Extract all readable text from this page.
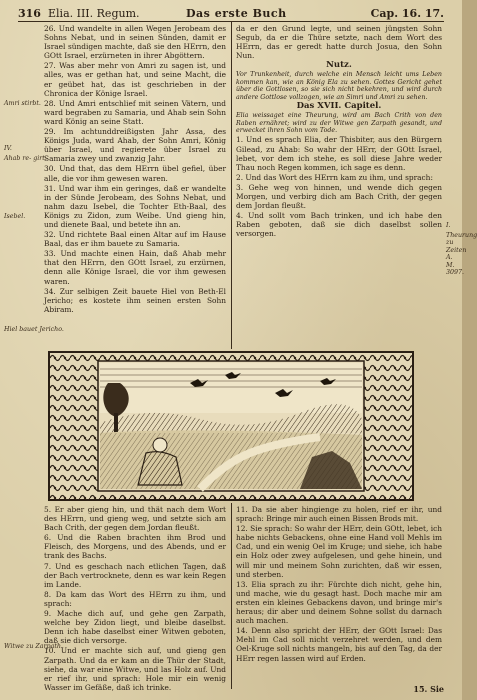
316 Elia. III. Regum.	Das erste Buch	Cap. 16. 17.
Amri stirbt.
IV.
Ahab re- girt.
Isebel.
Hiel bauet Jericho.
Witwe zu Zarpath.
I.
Theurung zu Zeiten A. M. 3097.

26. Und wandelte in allen Wegen Jerobeam des Sohns Nebat, und in seinen Sünden, damit er Israel sündigen machte, daß sie den HErrn, den GOtt Israel, erzürneten in ihrer Abgöttern.

27. Was aber mehr von Amri zu sagen ist, und alles, was er gethan hat, und seine Macht, die er geübet hat, das ist geschrieben in der Chronica der Könige Israel.

28. Und Amri entschlief mit seinen Vätern, und ward begraben zu Samaria, und Ahab sein Sohn ward König an seine Statt.

29. Im achtunddreißigsten Jahr Assa, des Königs Juda, ward Ahab, der Sohn Amri, König über Israel, und regierete über Israel zu Samaria zwey und zwanzig Jahr.

30. Und that, das dem HErrn übel gefiel, über alle, die vor ihm gewesen waren.

31. Und war ihm ein geringes, daß er wandelte in der Sünde Jerobeam, des Sohns Nebat, und nahm dazu Isebel, die Tochter Eth-Baal, des Königs zu Zidon, zum Weibe. Und gieng hin, und dienete Baal, und betete ihn an.

32. Und richtete Baal einen Altar auf im Hause Baal, das er ihm bauete zu Samaria.

33. Und machte einen Hain, daß Ahab mehr that den HErrn, den GOtt Israel, zu erzürnen, denn alle Könige Israel, die vor ihm gewesen waren.

34. Zur selbigen Zeit bauete Hiel von Beth-El Jericho; es kostete ihm seinen ersten Sohn Abiram.

da er den Grund legte, und seinen jüngsten Sohn Segub, da er die Thüre setzte, nach dem Wort des HErrn, das er geredt hatte durch Josua, den Sohn Nun.

Nutz.

Vor Trunkenheit, durch welche ein Mensch leicht ums Leben kommen kan, wie an König Ela zu sehen. Gottes Gericht gehet über die Gottlosen, so sie sich nicht bekehren, und wird durch andere Gottlose vollzogen, wie an Simri und Amri zu sehen.

Das XVII. Capitel.

Elia weissaget eine Theurung, wird am Bach Crith von den Raben ernähret; wird zu der Witwe gen Zarpath gesandt, und erwecket ihren Sohn vom Tode.

1. Und es sprach Elia, der Thisbiter, aus den Bürgern Gilead, zu Ahab: So wahr der HErr, der GOtt Israel, lebet, vor dem ich stehe, es soll diese Jahre weder Thau noch Regen kommen, ich sage es denn.

2. Und das Wort des HErrn kam zu ihm, und sprach:

3. Gehe weg von hinnen, und wende dich gegen Morgen, und verbirg dich am Bach Crith, der gegen dem Jordan fleußt.

4. Und sollt vom Bach trinken, und ich habe den Raben geboten, daß sie dich daselbst sollen versorgen.

5. Er aber gieng hin, und thät nach dem Wort des HErrn, und gieng weg, und setzte sich am Bach Crith, der gegen dem Jordan fleußt.

6. Und die Raben brachten ihm Brod und Fleisch, des Morgens, und des Abends, und er trank des Bachs.

7. Und es geschach nach etlichen Tagen, daß der Bach vertrocknete, denn es war kein Regen im Lande.

8. Da kam das Wort des HErrn zu ihm, und sprach:

9. Mache dich auf, und gehe gen Zarpath, welche bey Zidon liegt, und bleibe daselbst. Denn ich habe daselbst einer Witwen geboten, daß sie dich versorge.

10. Und er machte sich auf, und gieng gen Zarpath. Und da er kam an die Thür der Stadt, siehe, da war eine Witwe, und las Holz auf. Und er rief ihr, und sprach: Hole mir ein wenig Wasser im Gefäße, daß ich trinke.

11. Da sie aber hingienge zu holen, rief er ihr, und sprach: Bringe mir auch einen Bissen Brods mit.

12. Sie sprach: So wahr der HErr, dein GOtt, lebet, ich habe nichts Gebackens, ohne eine Hand voll Mehls im Cad, und ein wenig Oel im Kruge; und siehe, ich habe ein Holz oder zwey aufgelesen, und gehe hinein, und will mir und meinem Sohn zurichten, daß wir essen, und sterben.

13. Elia sprach zu ihr: Fürchte dich nicht, gehe hin, und mache, wie du gesagt hast. Doch mache mir am ersten ein kleines Gebackens davon, und bringe mir's heraus; dir aber und deinem Sohne sollst du darnach auch machen.

14. Denn also spricht der HErr, der GOtt Israel: Das Mehl im Cad soll nicht verzehret werden, und dem Oel-Kruge soll nichts mangeln, bis auf den Tag, da der HErr regen lassen wird auf Erden.

15. Sie
